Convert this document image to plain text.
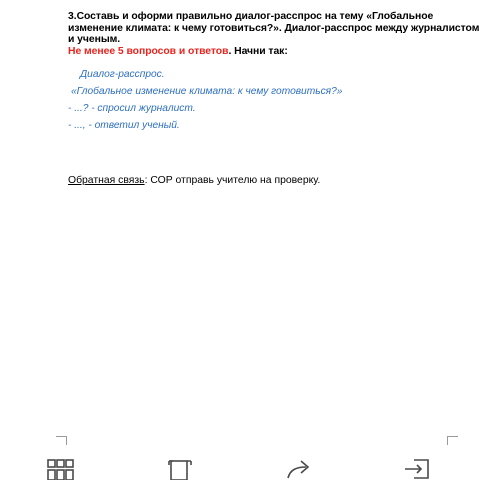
3.Составь и оформи правильно диалог-расспрос на тему «Глобальное
изменение климата: к чему готовиться?». Диалог-расспрос между журналистом
и ученым.
Не менее 5 вопросов и ответов. Начни так:
Диалог-расспрос.
«Глобальное изменение климата: к чему готовиться?»
- ...? - спросил журналист.
- ..., - ответил ученый.
Обратная связь: СОР отправь учителю на проверку.
